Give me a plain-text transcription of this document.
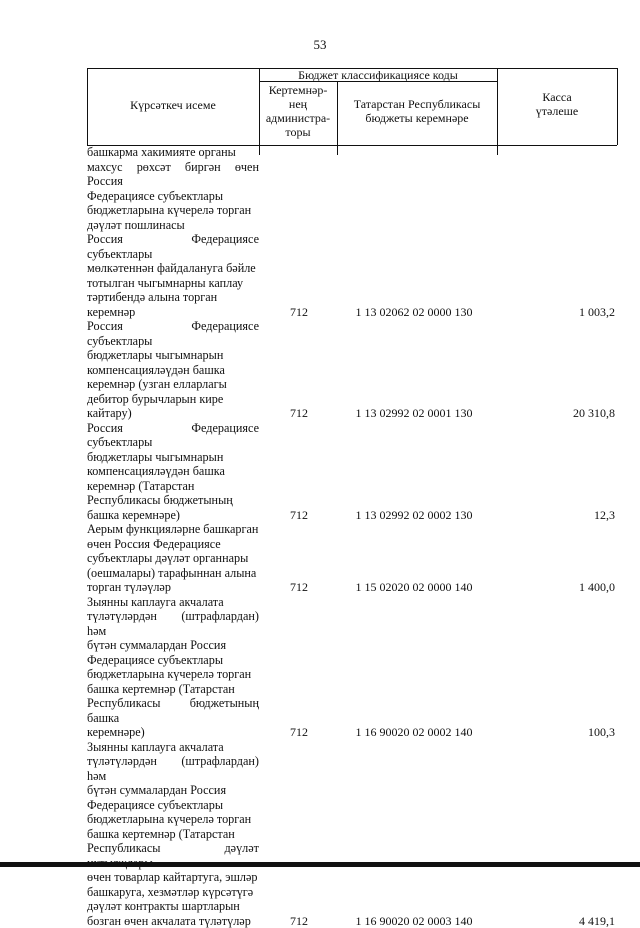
53
Күрсәткеч исеме
Бюджет классификациясе коды
Кертемнәр-
нең
администра-
торы
Татарстан Республикасы
бюджеты керемнәре
Касса
үтәлеше
башкарма хакимияте органы
махсус рөхсәт биргән өчен Россия
Федерациясе субъектлары
бюджетларына күчерелә торган
дәүләт пошлинасы
Россия Федерациясе субъектлары
мөлкәтеннән файдалануга бәйле
тотылган чыгымнарны каплау
тәртибендә алына торган
керемнәр	712	1 13 02062 02 0000 130	1 003,2
Россия Федерациясе субъектлары
бюджетлары чыгымнарын
компенсацияләүдән башка
керемнәр (узган елларлагы
дебитор бурычларын кире
кайтару)	712	1 13 02992 02 0001 130	20 310,8
Россия Федерациясе субъектлары
бюджетлары чыгымнарын
компенсацияләүдән башка
керемнәр (Татарстан
Республикасы бюджетының
башка керемнәре)	712	1 13 02992 02 0002 130	12,3
Аерым функцияләрне башкарган
өчен Россия Федерациясе
субъектлары дәүләт органнары
(оешмалары) тарафыннан алына
торган түләүләр	712	1 15 02020 02 0000 140	1 400,0
Зыянны каплауга акчалата
түләтүләрдән (штрафлардан) һәм
бүтән суммалардан Россия
Федерациясе субъектлары
бюджетларына күчерелә торган
башка кертемнәр (Татарстан
Республикасы бюджетының башка
керемнәре)	712	1 16 90020 02 0002 140	100,3
Зыянны каплауга акчалата
түләтүләрдән (штрафлардан) һәм
бүтән суммалардан Россия
Федерациясе субъектлары
бюджетларына күчерелә торган
башка кертемнәр (Татарстан
Республикасы дәүләт
өчен товарлар кайтартуга, эшләр
башкаруга, хезмәтләр күрсәтүгә
дәүләт контракты шартларын
бозган өчен акчалата түләтүләр	712	1 16 90020 02 0003 140	4 419,1
